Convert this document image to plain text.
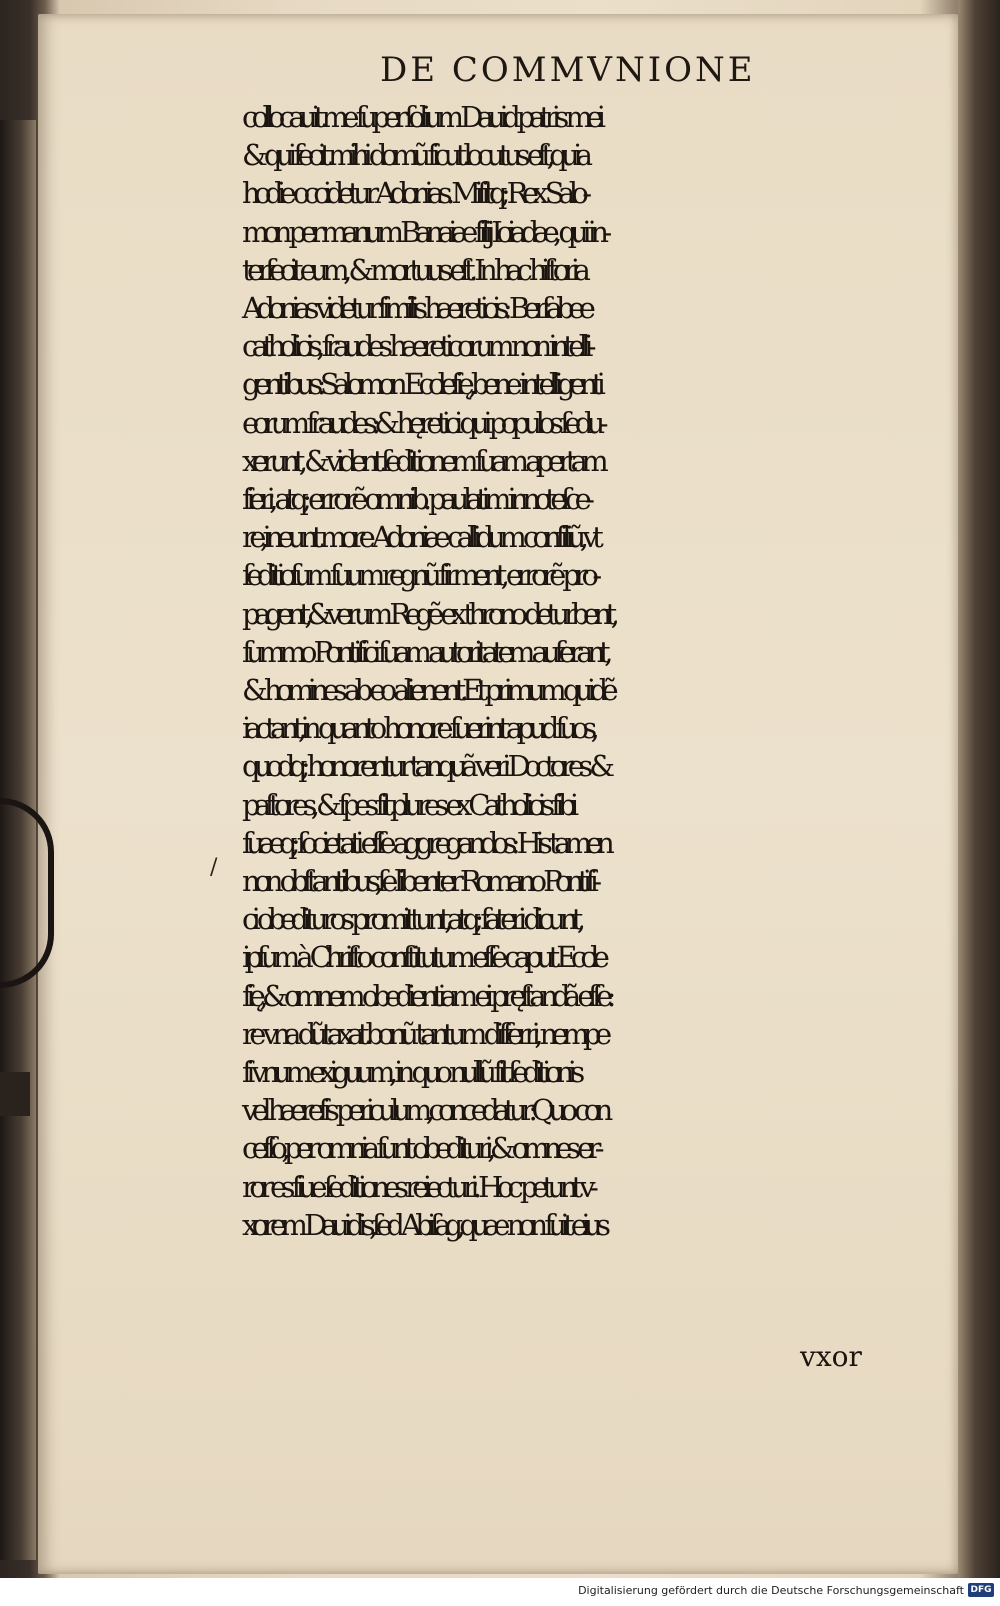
DE COMMVNIONE
collocauit me ſuper ſolium Dauid patris mei
& qui fecit mihi domũ ſicut locutus eſt,quia
hodie occidetur Adonias. Miſitq; Rex Salo-
mon per manum Banaiæ filij Ioiadæ, qui in-
terfecit eum, & mortuus eſt. In hac hiſtoria
Adonias videtur ſimilis hæreticis: Berſabee
catholicis, fraudes hæreticorum non intelli-
gentibus:Salomon Eccleſię,bene intelligenti
eorum fraudes:& hęretici qui populos ſedu-
xerunt, & vident ſeditionem ſuam apertam
fieri, atq; errorẽ omnib. paulatim innoteſce-
re,ineunt more Adoniæ callidum conſiliũ,vt
ſeditioſum ſuum regnũ firment, errorẽ pro-
pagent,&verum Regẽ ex throno deturbent,
ſummo Pontifici ſuam autoritatem auferant,
& homines ab eo alienent.Et primum quidẽ
iactant,in quanto honore fuerint apud ſuos,
quodq; honorentur tanquã veri Doctores &
paſtores, & ſpes ſit plures ex Catholicis ſibi
ſuæq; ſocietati eſſe aggregandos: His tamen
non obſtantibus,ſe libenter Romano Pontifi-
ci obedituros promittunt,atq; fateri dicunt,
ipſum à Chriſto conſtitutum eſſe caput Eccle
ſię,& omnem obedientiam ei pręſtandã eſſe:
re vna dũtaxat bonũ tantum differri, nempe
ſi vnum exiguum, in quo nullũ ſit ſeditionis
vel hæreſis periculum,concedatur:Quo con
ceſſo,per omnia ſunt obedituri,& omnes er-
ror es ſiue ſeditiones reiecturi. Hoc petunt v-
xorem Dauidis,ſed Abiſag,quæ non fuit eius
/
vxor
Digitalisierung gefördert durch die Deutsche Forschungsgemeinschaft DFG
